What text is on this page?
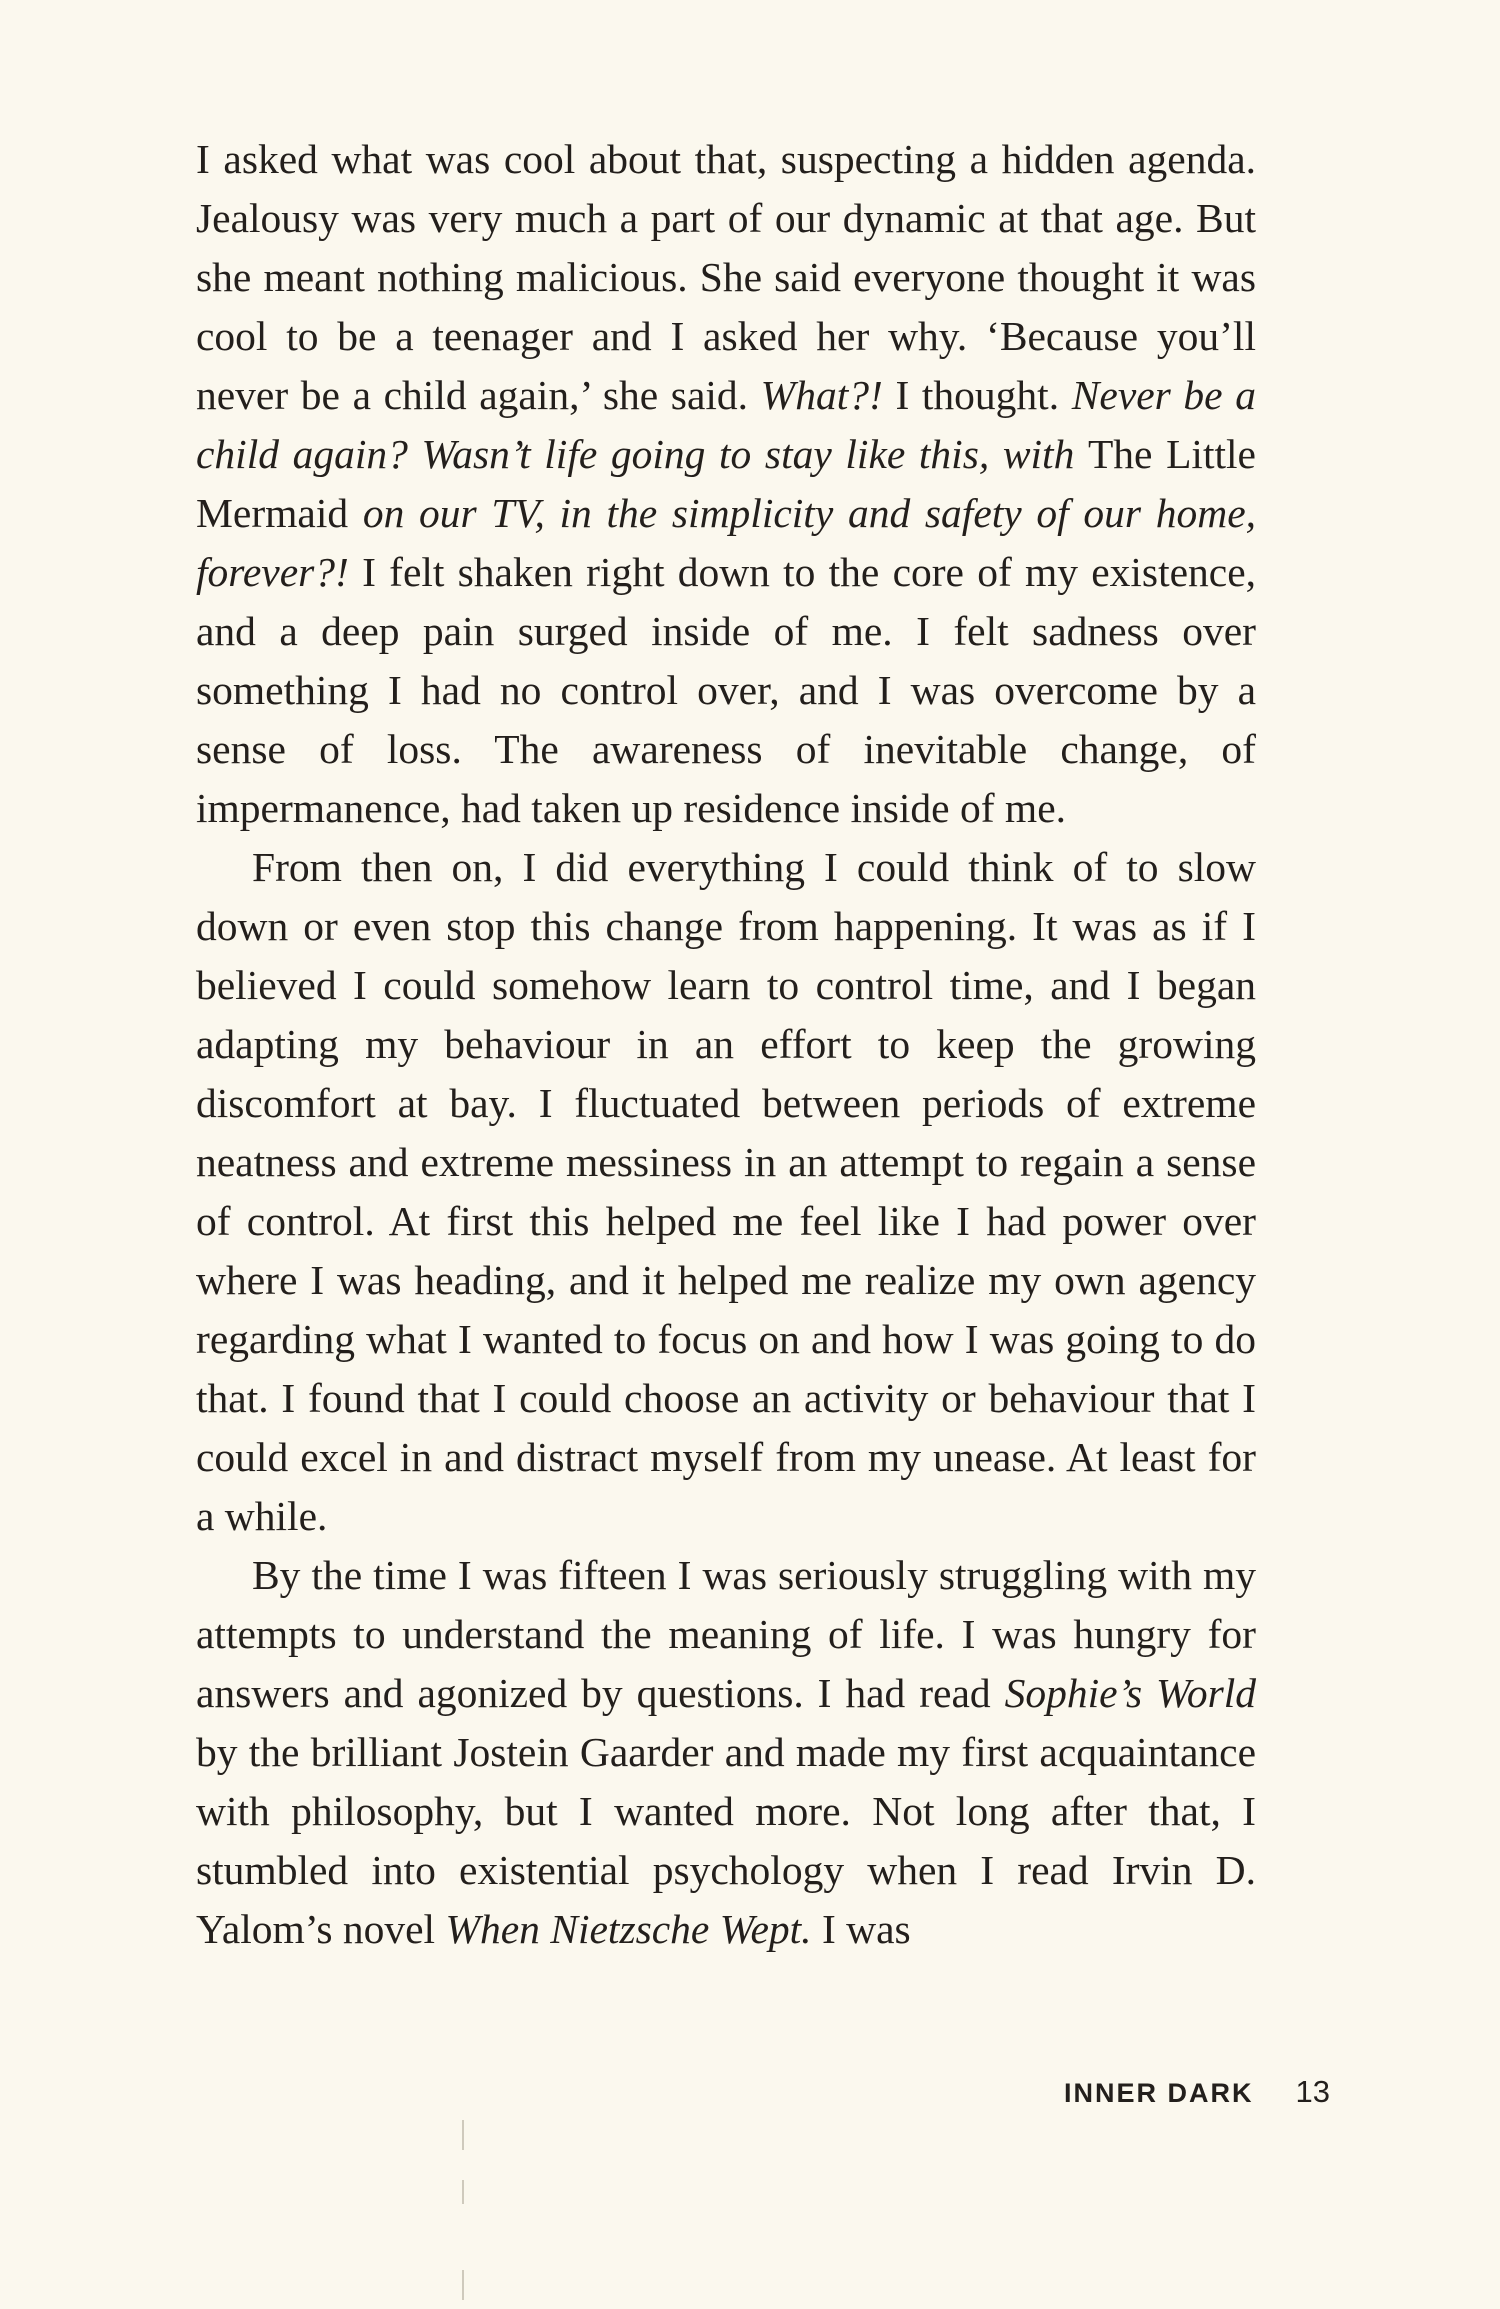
I asked what was cool about that, suspecting a hidden agenda. Jealousy was very much a part of our dynamic at that age. But she meant nothing malicious. She said everyone thought it was cool to be a teenager and I asked her why. ‘Because you’ll never be a child again,’ she said. What?! I thought. Never be a child again? Wasn’t life going to stay like this, with The Little Mermaid on our TV, in the simplicity and safety of our home, forever?! I felt shaken right down to the core of my existence, and a deep pain surged inside of me. I felt sadness over something I had no control over, and I was overcome by a sense of loss. The awareness of inevitable change, of impermanence, had taken up residence inside of me.

From then on, I did everything I could think of to slow down or even stop this change from happening. It was as if I believed I could somehow learn to control time, and I began adapting my behaviour in an effort to keep the growing discomfort at bay. I fluctuated between periods of extreme neatness and extreme messiness in an attempt to regain a sense of control. At first this helped me feel like I had power over where I was heading, and it helped me realize my own agency regarding what I wanted to focus on and how I was going to do that. I found that I could choose an activity or behaviour that I could excel in and distract myself from my unease. At least for a while.

By the time I was fifteen I was seriously struggling with my attempts to understand the meaning of life. I was hungry for answers and agonized by questions. I had read Sophie’s World by the brilliant Jostein Gaarder and made my first acquaintance with philosophy, but I wanted more. Not long after that, I stumbled into existential psychology when I read Irvin D. Yalom’s novel When Nietzsche Wept. I was

INNER DARK 13
